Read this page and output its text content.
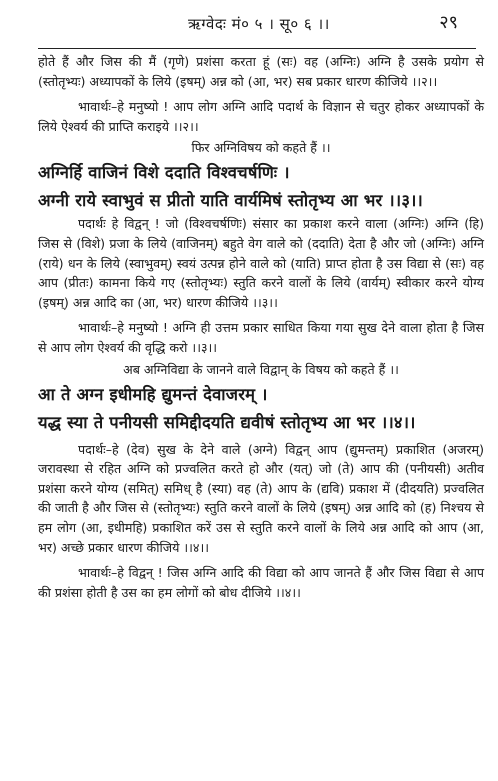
ऋग्वेदः मं० ५ । सू० ६ ।।	२९

होते हैं और जिस की मैं (गृणे) प्रशंसा करता हूं (सः) वह (अग्निः) अग्नि है उसके प्रयोग से (स्तोतृभ्यः) अध्यापकों के लिये (इषम्) अन्न को (आ, भर) सब प्रकार धारण कीजिये ।।२।।

भावार्थः–हे मनुष्यो ! आप लोग अग्नि आदि पदार्थ के विज्ञान से चतुर होकर अध्यापकों के लिये ऐश्वर्य की प्राप्ति कराइये ।।२।।

फिर अग्निविषय को कहते हैं ।।
अग्निर्हि वाजिनं विशे ददाति विश्वचर्षणिः ।
अग्नी राये स्वाभुवं स प्रीतो याति वार्यमिषं स्तोतृभ्य आ भर ।।३।।

पदार्थः हे विद्वन् ! जो (विश्वचर्षणिः) संसार का प्रकाश करने वाला (अग्निः) अग्नि (हि) जिस से (विशे) प्रजा के लिये (वाजिनम्) बहुते वेग वाले को (ददाति) देता है और जो (अग्निः) अग्नि (राये) धन के लिये (स्वाभुवम्) स्वयं उत्पन्न होने वाले को (याति) प्राप्त होता है उस विद्या से (सः) वह आप (प्रीतः) कामना किये गए (स्तोतृभ्यः) स्तुति करने वालों के लिये (वार्यम्) स्वीकार करने योग्य (इषम्) अन्न आदि का (आ, भर) धारण कीजिये ।।३।।

भावार्थः–हे मनुष्यो ! अग्नि ही उत्तम प्रकार साधित किया गया सुख देने वाला होता है जिस से आप लोग ऐश्वर्य की वृद्धि करो ।।३।।

अब अग्निविद्या के जानने वाले विद्वान् के विषय को कहते हैं ।।
आ ते अग्न इधीमहि द्युमन्तं देवाजरम् ।
यद्ध स्या ते पनीयसी समिद्दीदयति द्यवीषं स्तोतृभ्य आ भर ।।४।।

पदार्थः–हे (देव) सुख के देने वाले (अग्ने) विद्वन् आप (द्युमन्तम्) प्रकाशित (अजरम्) जरावस्था से रहित अग्नि को प्रज्वलित करते हो और (यत्) जो (ते) आप की (पनीयसी) अतीव प्रशंसा करने योग्य (समित्) समिध् है (स्या) वह (ते) आप के (द्यवि) प्रकाश में (दीदयति) प्रज्वलित की जाती है और जिस से (स्तोतृभ्यः) स्तुति करने वालों के लिये (इषम्) अन्न आदि को (ह) निश्चय से हम लोग (आ, इधीमहि) प्रकाशित करें उस से स्तुति करने वालों के लिये अन्न आदि को आप (आ, भर) अच्छे प्रकार धारण कीजिये ।।४।।

भावार्थः–हे विद्वन् ! जिस अग्नि आदि की विद्या को आप जानते हैं और जिस विद्या से आप की प्रशंसा होती है उस का हम लोगों को बोध दीजिये ।।४।।
